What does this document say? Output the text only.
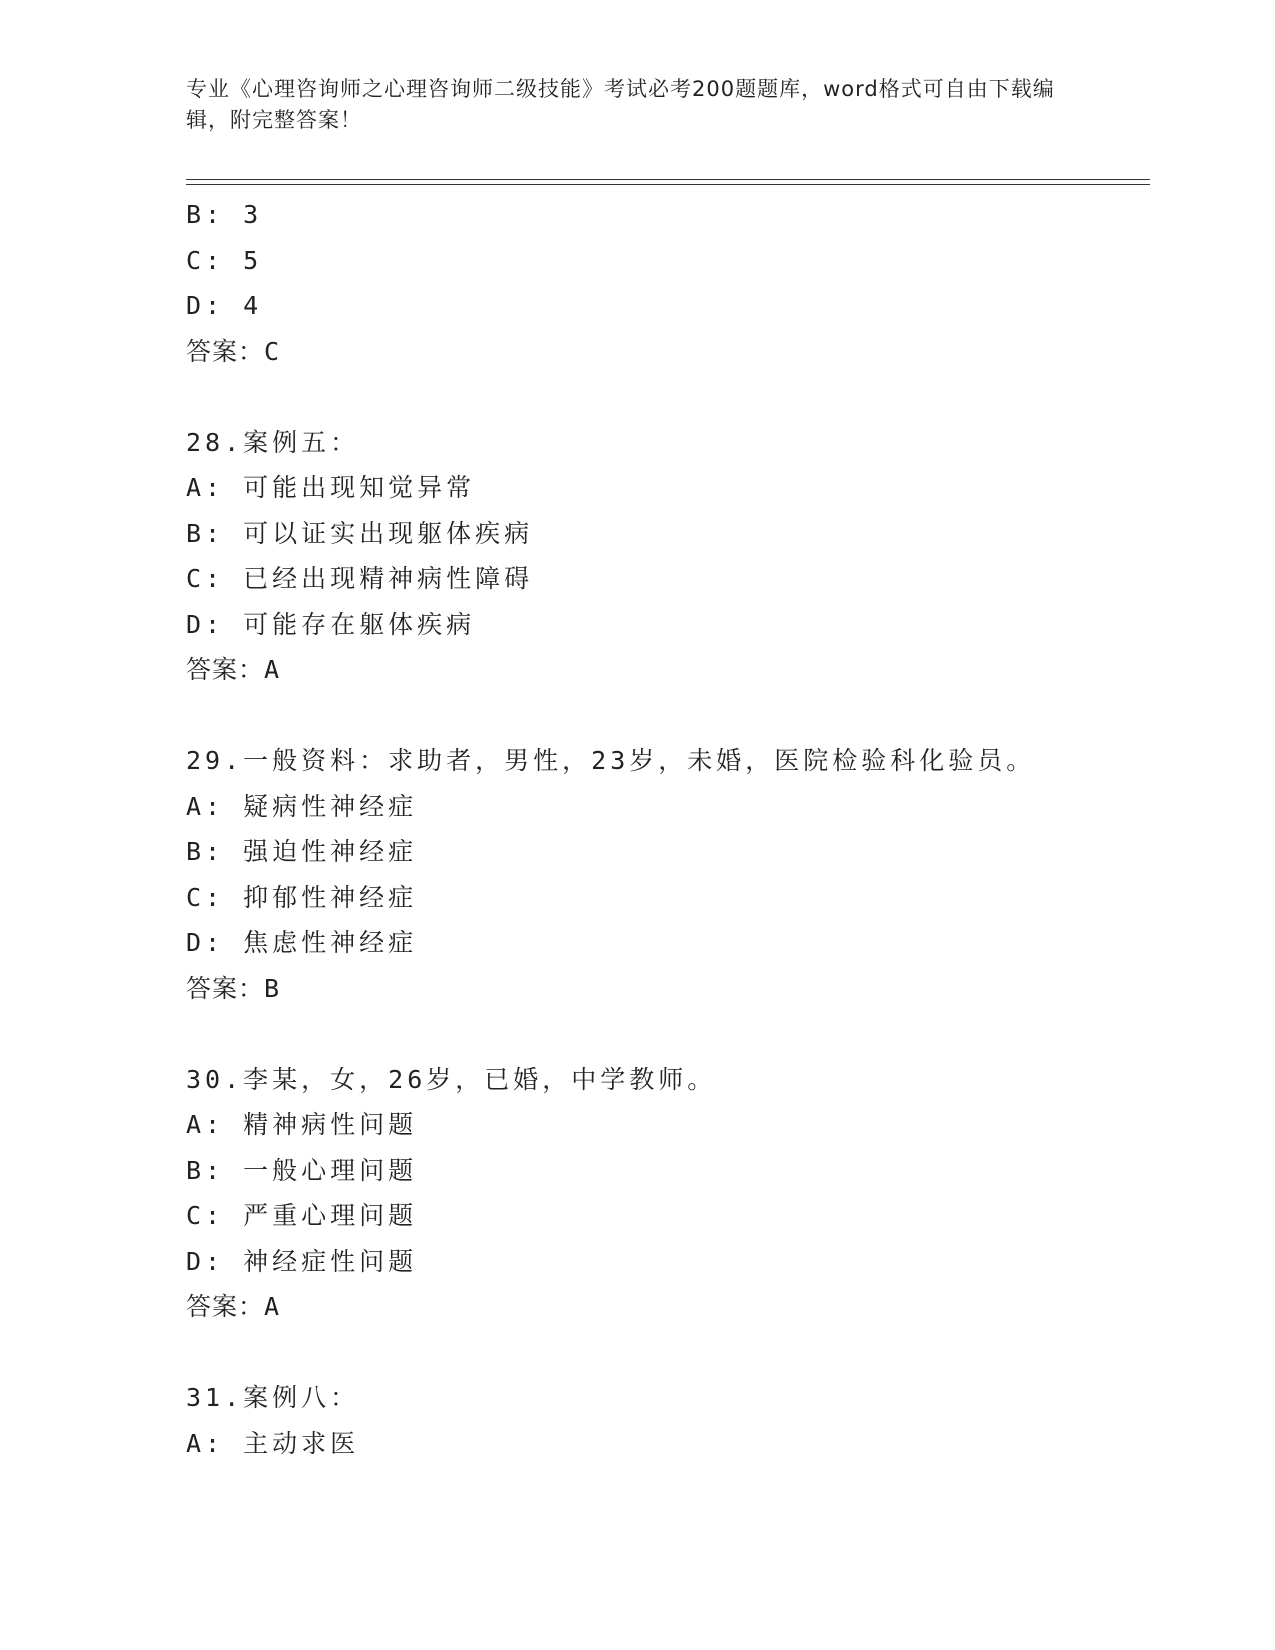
专业《心理咨询师之心理咨询师二级技能》考试必考200题题库，word格式可自由下载编辑，附完整答案！
B: 3
C: 5
D: 4
答案：C
28.案例五：
A: 可能出现知觉异常
B: 可以证实出现躯体疾病
C: 已经出现精神病性障碍
D: 可能存在躯体疾病
答案：A
29.一般资料：求助者，男性，23岁，未婚，医院检验科化验员。
A: 疑病性神经症
B: 强迫性神经症
C: 抑郁性神经症
D: 焦虑性神经症
答案：B
30.李某，女，26岁，已婚，中学教师。
A: 精神病性问题
B: 一般心理问题
C: 严重心理问题
D: 神经症性问题
答案：A
31.案例八：
A: 主动求医
